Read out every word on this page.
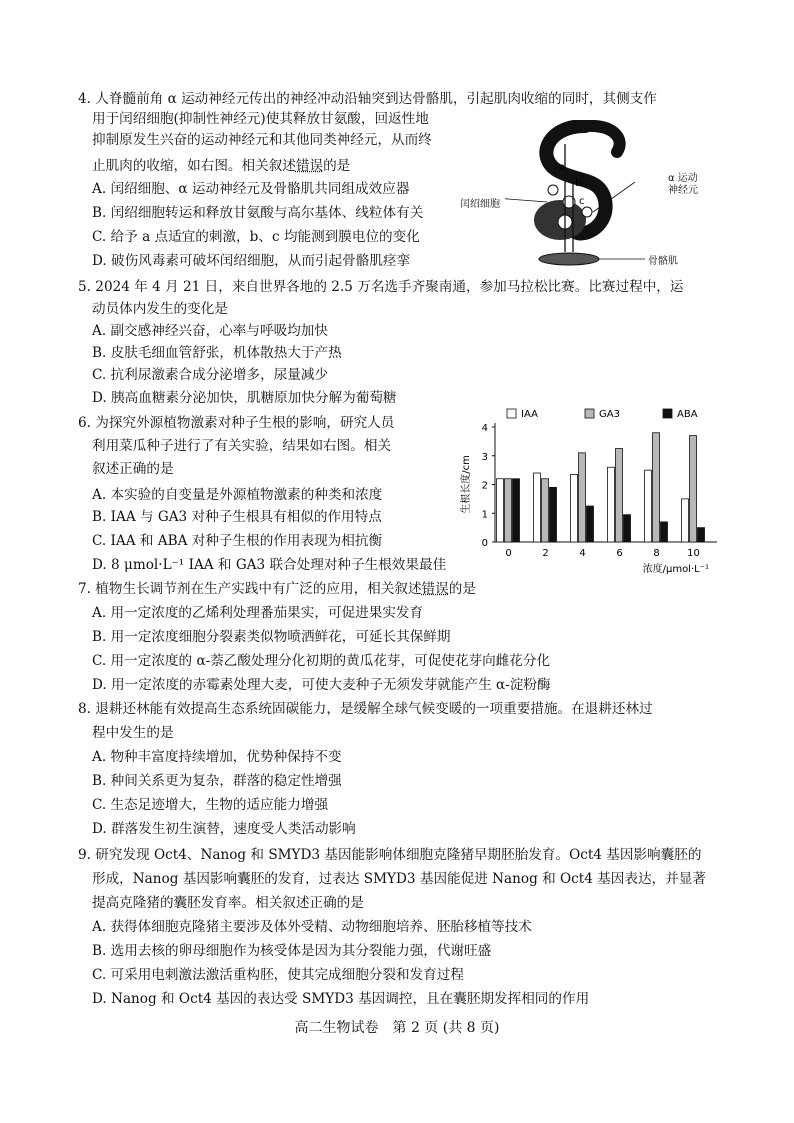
4. 人脊髓前角 α 运动神经元传出的神经冲动沿轴突到达骨骼肌，引起肌肉收缩的同时，其侧支作
用于闰绍细胞(抑制性神经元)使其释放甘氨酸，回返性地
抑制原发生兴奋的运动神经元和其他同类神经元，从而终
止肌肉的收缩，如右图。相关叙述错误的是
A. 闰绍细胞、α 运动神经元及骨骼肌共同组成效应器
B. 闰绍细胞转运和释放甘氨酸与高尔基体、线粒体有关
C. 给予 a 点适宜的刺激，b、c 均能测到膜电位的变化
D. 破伤风毒素可破坏闰绍细胞，从而引起骨骼肌痉挛
a
b
c
闰绍细胞
α 运动
神经元
骨骼肌
5. 2024 年 4 月 21 日，来自世界各地的 2.5 万名选手齐聚南通，参加马拉松比赛。比赛过程中，运
动员体内发生的变化是
A. 副交感神经兴奋，心率与呼吸均加快
B. 皮肤毛细血管舒张，机体散热大于产热
C. 抗利尿激素合成分泌增多，尿量减少
D. 胰高血糖素分泌加快，肌糖原加快分解为葡萄糖
6. 为探究外源植物激素对种子生根的影响，研究人员
利用菜瓜种子进行了有关实验，结果如右图。相关
叙述正确的是
A. 本实验的自变量是外源植物激素的种类和浓度
B. IAA 与 GA3 对种子生根具有相似的作用特点
C. IAA 和 ABA 对种子生根的作用表现为相抗衡
D. 8 μmol·L⁻¹ IAA 和 GA3 联合处理对种子生根效果最佳
IAA	GA3	ABA
0
1
2
3
4
生根长度/cm
浓度/μmol·L⁻¹
0	2	4	6	8	10
7. 植物生长调节剂在生产实践中有广泛的应用，相关叙述错误的是
A. 用一定浓度的乙烯利处理番茄果实，可促进果实发育
B. 用一定浓度细胞分裂素类似物喷洒鲜花，可延长其保鲜期
C. 用一定浓度的 α-萘乙酸处理分化初期的黄瓜花芽，可促使花芽向雌花分化
D. 用一定浓度的赤霉素处理大麦，可使大麦种子无须发芽就能产生 α-淀粉酶
8. 退耕还林能有效提高生态系统固碳能力，是缓解全球气候变暖的一项重要措施。在退耕还林过
程中发生的是
A. 物种丰富度持续增加，优势种保持不变
B. 种间关系更为复杂，群落的稳定性增强
C. 生态足迹增大，生物的适应能力增强
D. 群落发生初生演替，速度受人类活动影响
9. 研究发现 Oct4、Nanog 和 SMYD3 基因能影响体细胞克隆猪早期胚胎发育。Oct4 基因影响囊胚的
形成，Nanog 基因影响囊胚的发育，过表达 SMYD3 基因能促进 Nanog 和 Oct4 基因表达，并显著
提高克隆猪的囊胚发育率。相关叙述正确的是
A. 获得体细胞克隆猪主要涉及体外受精、动物细胞培养、胚胎移植等技术
B. 选用去核的卵母细胞作为核受体是因为其分裂能力强，代谢旺盛
C. 可采用电刺激法激活重构胚，使其完成细胞分裂和发育过程
D. Nanog 和 Oct4 基因的表达受 SMYD3 基因调控，且在囊胚期发挥相同的作用
高二生物试卷　第 2 页 (共 8 页)
